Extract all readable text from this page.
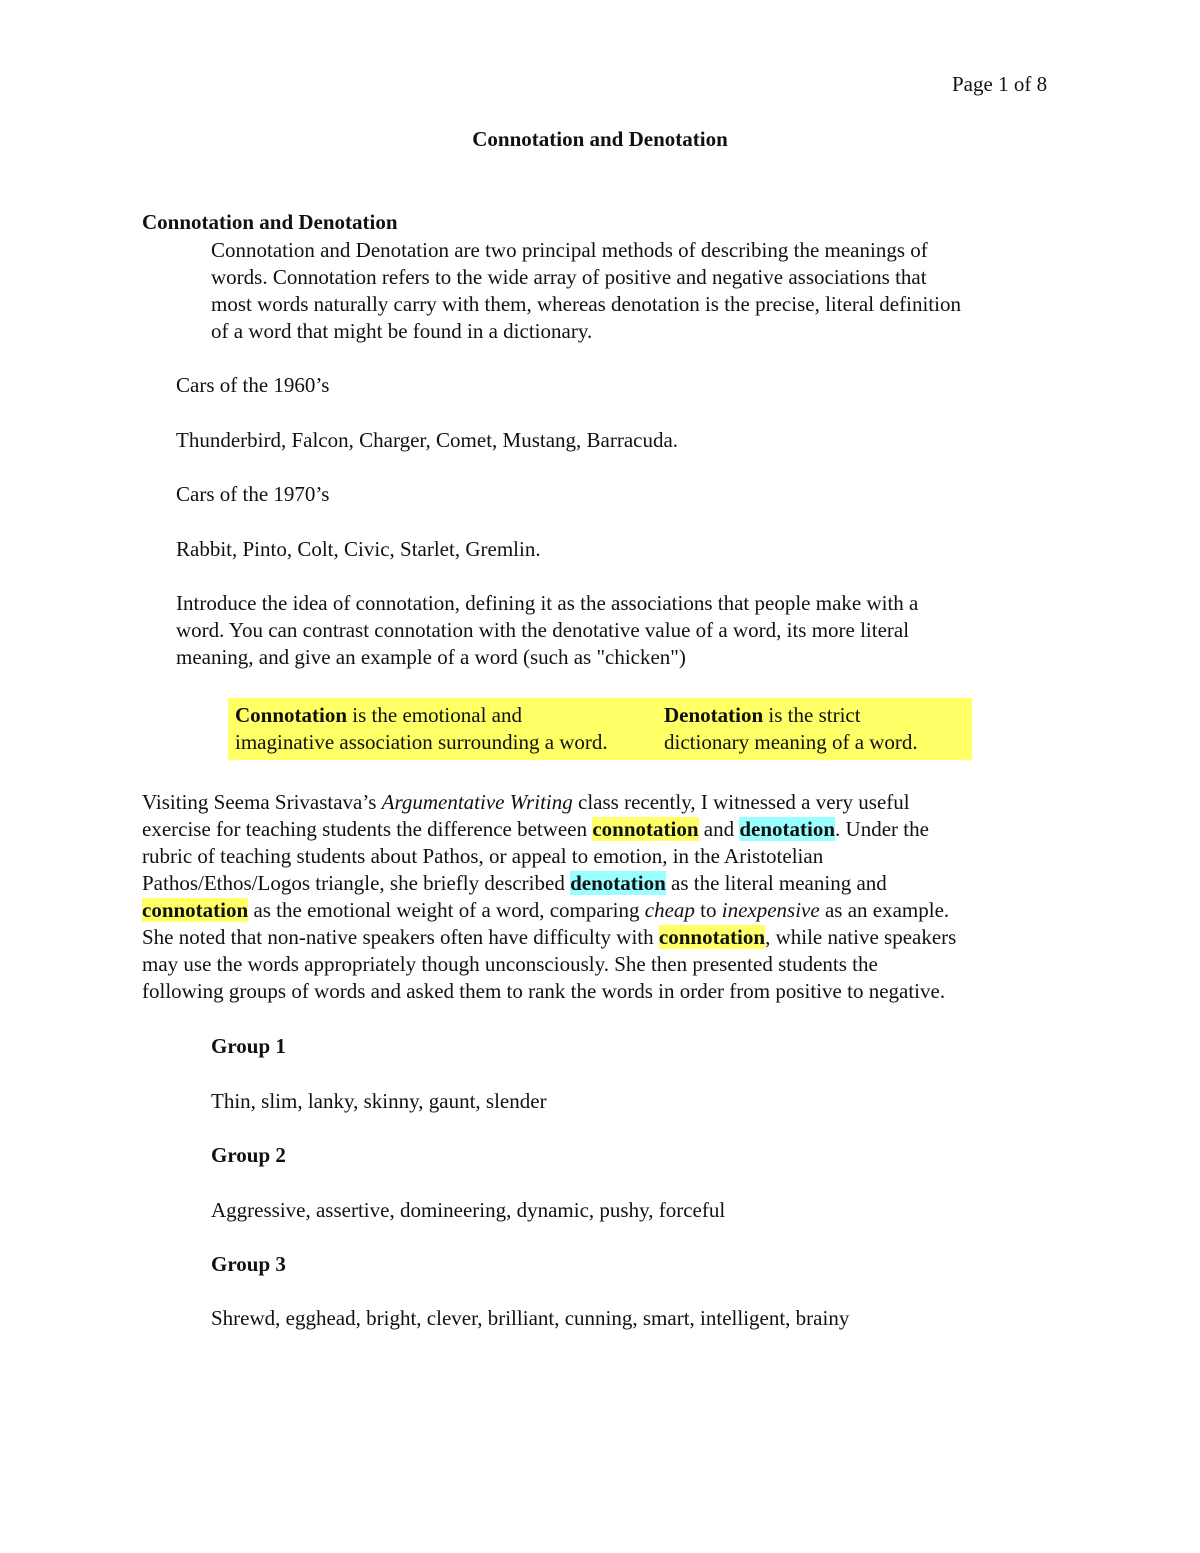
Page 1 of 8
Connotation and Denotation
Connotation and Denotation
Connotation and Denotation are two principal methods of describing the meanings of
words. Connotation refers to the wide array of positive and negative associations that
most words naturally carry with them, whereas denotation is the precise, literal definition
of a word that might be found in a dictionary.
Cars of the 1960’s
Thunderbird, Falcon, Charger, Comet, Mustang, Barracuda.
Cars of the 1970’s
Rabbit, Pinto, Colt, Civic, Starlet, Gremlin.
Introduce the idea of connotation, defining it as the associations that people make with a
word. You can contrast connotation with the denotative value of a word, its more literal
meaning, and give an example of a word (such as "chicken")
Connotation is the emotional and
imaginative association surrounding a word.
Denotation is the strict
dictionary meaning of a word.
Visiting Seema Srivastava’s Argumentative Writing class recently, I witnessed a very useful
exercise for teaching students the difference between connotation and denotation. Under the
rubric of teaching students about Pathos, or appeal to emotion, in the Aristotelian
Pathos/Ethos/Logos triangle, she briefly described denotation as the literal meaning and
connotation as the emotional weight of a word, comparing cheap to inexpensive as an example.
She noted that non-native speakers often have difficulty with connotation, while native speakers
may use the words appropriately though unconsciously. She then presented students the
following groups of words and asked them to rank the words in order from positive to negative.
Group 1
Thin, slim, lanky, skinny, gaunt, slender
Group 2
Aggressive, assertive, domineering, dynamic, pushy, forceful
Group 3
Shrewd, egghead, bright, clever, brilliant, cunning, smart, intelligent, brainy
